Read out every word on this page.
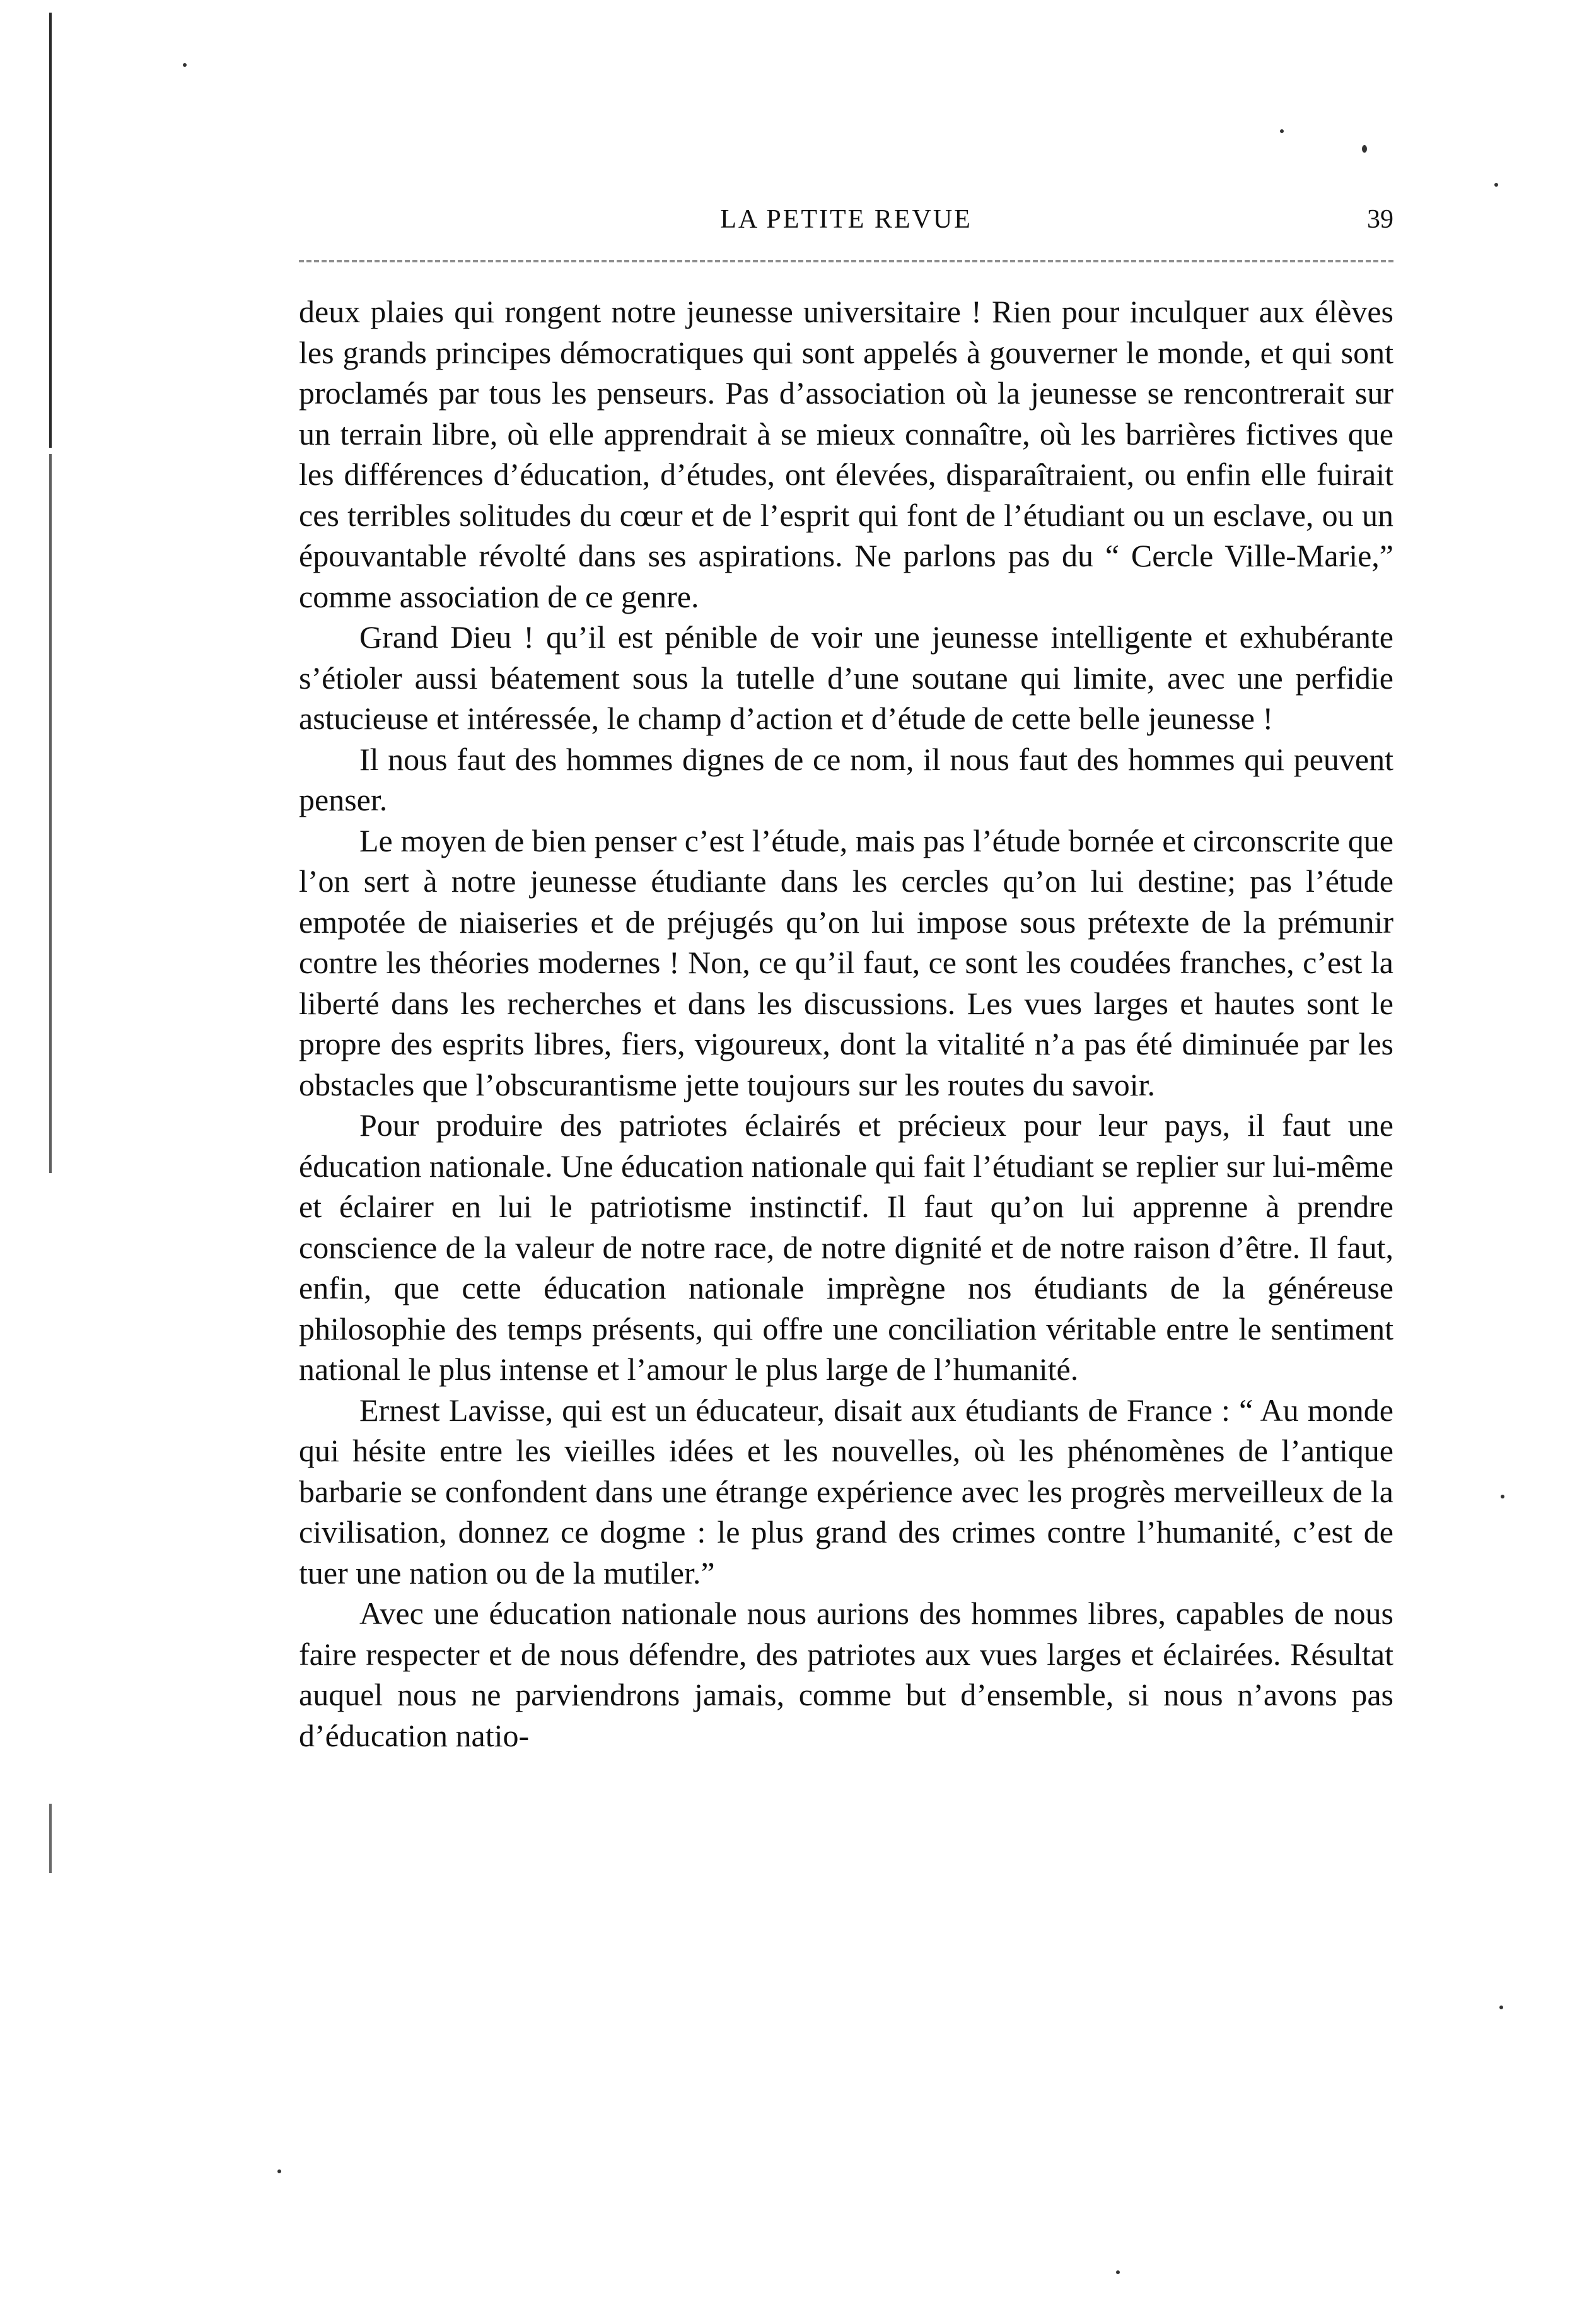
LA PETITE REVUE	39

deux plaies qui rongent notre jeunesse universitaire ! Rien pour inculquer aux élèves les grands principes démocratiques qui sont appelés à gouverner le monde, et qui sont proclamés par tous les penseurs. Pas d’association où la jeunesse se rencontrerait sur un terrain libre, où elle apprendrait à se mieux connaître, où les barrières fictives que les différences d’éducation, d’études, ont élevées, disparaîtraient, ou enfin elle fuirait ces terribles solitudes du cœur et de l’esprit qui font de l’étudiant ou un esclave, ou un épouvantable révolté dans ses aspirations. Ne parlons pas du “ Cercle Ville-Marie,” comme association de ce genre.

Grand Dieu ! qu’il est pénible de voir une jeunesse intelligente et exhubérante s’étioler aussi béatement sous la tutelle d’une soutane qui limite, avec une perfidie astucieuse et intéressée, le champ d’action et d’étude de cette belle jeunesse !

Il nous faut des hommes dignes de ce nom, il nous faut des hommes qui peuvent penser.

Le moyen de bien penser c’est l’étude, mais pas l’étude bornée et circonscrite que l’on sert à notre jeunesse étudiante dans les cercles qu’on lui destine; pas l’étude empotée de niaiseries et de préjugés qu’on lui impose sous prétexte de la prémunir contre les théories modernes ! Non, ce qu’il faut, ce sont les coudées franches, c’est la liberté dans les recherches et dans les discussions. Les vues larges et hautes sont le propre des esprits libres, fiers, vigoureux, dont la vitalité n’a pas été diminuée par les obstacles que l’obscurantisme jette toujours sur les routes du savoir.

Pour produire des patriotes éclairés et précieux pour leur pays, il faut une éducation nationale. Une éducation nationale qui fait l’étudiant se replier sur lui-même et éclairer en lui le patriotisme instinctif. Il faut qu’on lui apprenne à prendre conscience de la valeur de notre race, de notre dignité et de notre raison d’être. Il faut, enfin, que cette éducation nationale imprègne nos étudiants de la généreuse philosophie des temps présents, qui offre une conciliation véritable entre le sentiment national le plus intense et l’amour le plus large de l’humanité.

Ernest Lavisse, qui est un éducateur, disait aux étudiants de France : “ Au monde qui hésite entre les vieilles idées et les nouvelles, où les phénomènes de l’antique barbarie se confondent dans une étrange expérience avec les progrès merveilleux de la civilisation, donnez ce dogme : le plus grand des crimes contre l’humanité, c’est de tuer une nation ou de la mutiler.”

Avec une éducation nationale nous aurions des hommes libres, capables de nous faire respecter et de nous défendre, des patriotes aux vues larges et éclairées. Résultat auquel nous ne parviendrons jamais, comme but d’ensemble, si nous n’avons pas d’éducation natio-
